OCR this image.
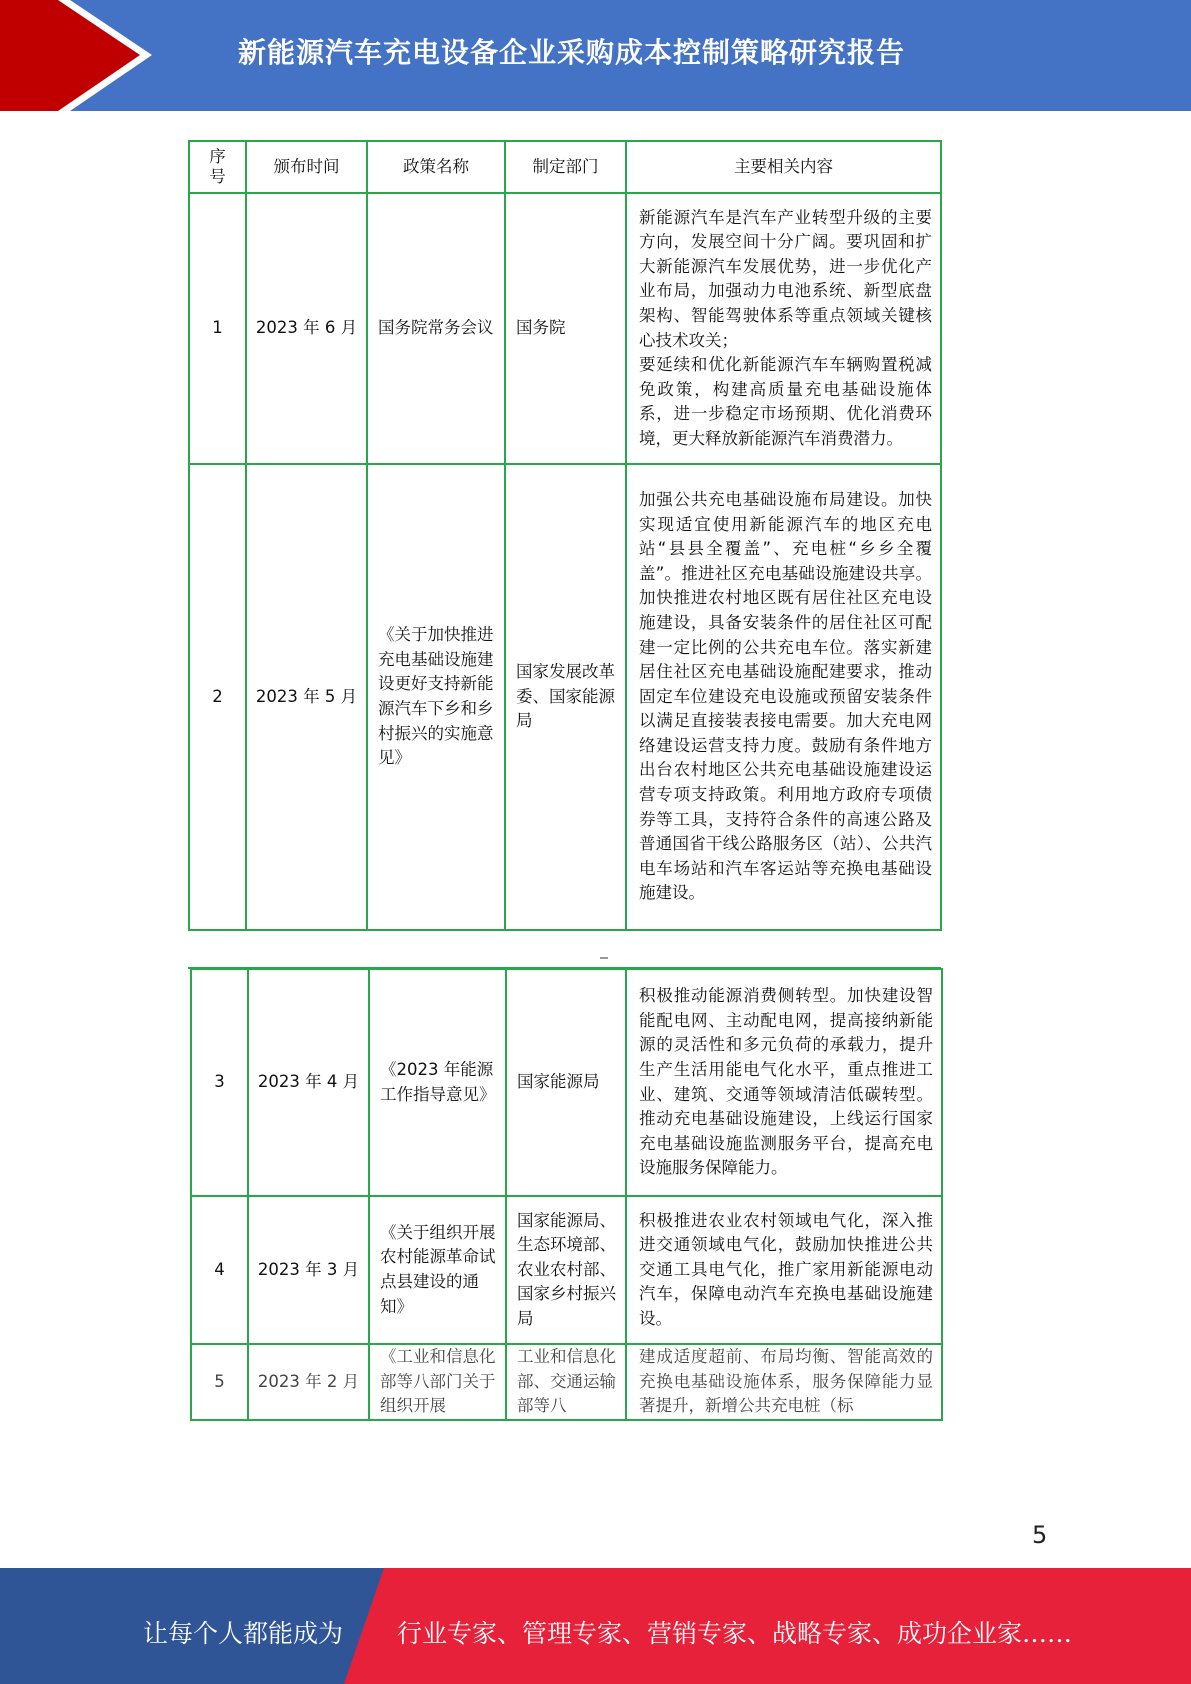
新能源汽车充电设备企业采购成本控制策略研究报告
序
号	颁布时间	政策名称	制定部门	主要相关内容
1	2023 年 6 月	国务院常务会议	国务院	新能源汽车是汽车产业转型升级的主要方向，发展空间十分广阔。要巩固和扩大新能源汽车发展优势，进一步优化产业布局，加强动力电池系统、新型底盘架构、智能驾驶体系等重点领域关键核心技术攻关；
要延续和优化新能源汽车车辆购置税减免政策，构建高质量充电基础设施体系，进一步稳定市场预期、优化消费环境，更大释放新能源汽车消费潜力。

2	2023 年 5 月	《关于加快推进充电基础设施建设更好支持新能源汽车下乡和乡村振兴的实施意见》	国家发展改革委、国家能源局	加强公共充电基础设施布局建设。加快实现适宜使用新能源汽车的地区充电站“县县全覆盖”、充电桩“乡乡全覆盖”。推进社区充电基础设施建设共享。加快推进农村地区既有居住社区充电设施建设，具备安装条件的居住社区可配建一定比例的公共充电车位。落实新建居住社区充电基础设施配建要求，推动固定车位建设充电设施或预留安装条件以满足直接装表接电需要。加大充电网络建设运营支持力度。鼓励有条件地方出台农村地区公共充电基础设施建设运营专项支持政策。利用地方政府专项债券等工具，支持符合条件的高速公路及普通国省干线公路服务区（站）、公共汽电车场站和汽车客运站等充换电基础设施建设。
3	2023 年 4 月	《2023 年能源工作指导意见》	国家能源局	积极推动能源消费侧转型。加快建设智能配电网、主动配电网，提高接纳新能源的灵活性和多元负荷的承载力，提升生产生活用能电气化水平，重点推进工业、建筑、交通等领域清洁低碳转型。推动充电基础设施建设，上线运行国家充电基础设施监测服务平台，提高充电设施服务保障能力。
4	2023 年 3 月	《关于组织开展农村能源革命试点县建设的通知》	国家能源局、生态环境部、农业农村部、国家乡村振兴局	积极推进农业农村领域电气化，深入推进交通领域电气化，鼓励加快推进公共交通工具电气化，推广家用新能源电动汽车，保障电动汽车充换电基础设施建设。
5	2023 年 2 月	《工业和信息化部等八部门关于组织开展	工业和信息化部、交通运输部等八	建成适度超前、布局均衡、智能高效的充换电基础设施体系，服务保障能力显著提升，新增公共充电桩（标
5
让每个人都能成为 行业专家、管理专家、营销专家、战略专家、成功企业家……
